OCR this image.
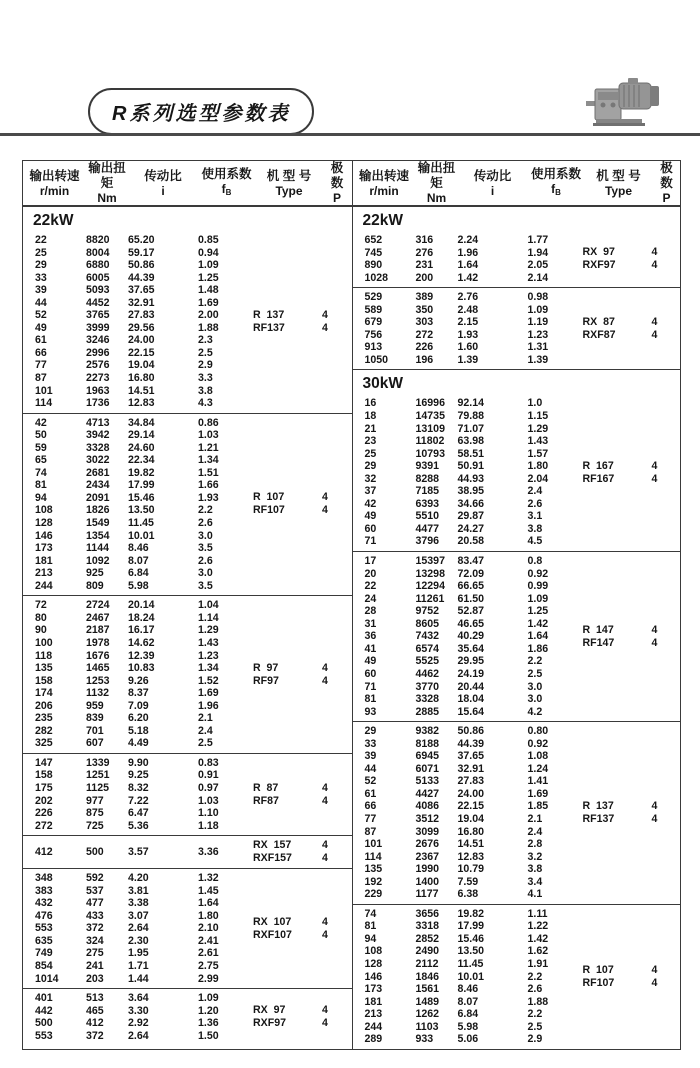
R系列选型参数表
输出转速
r/min
输出扭矩
Nm
传动比
i
使用系数
$f_B$
机 型 号
Type
极 数
P
22kW
22	8820	65.20	0.85
25	8004	59.17	0.94
29	6880	50.86	1.09
33	6005	44.39	1.25
39	5093	37.65	1.48
44	4452	32.91	1.69
52	3765	27.83	2.00
49	3999	29.56	1.88
61	3246	24.00	2.3
66	2996	22.15	2.5
77	2576	19.04	2.9
87	2273	16.80	3.3
101	1963	14.51	3.8
114	1736	12.83	4.3
R  137	4
RF137	4
42	4713	34.84	0.86
50	3942	29.14	1.03
59	3328	24.60	1.21
65	3022	22.34	1.34
74	2681	19.82	1.51
81	2434	17.99	1.66
94	2091	15.46	1.93
108	1826	13.50	2.2
128	1549	11.45	2.6
146	1354	10.01	3.0
173	1144	8.46	3.5
181	1092	8.07	2.6
213	925	6.84	3.0
244	809	5.98	3.5
R  107	4
RF107	4
72	2724	20.14	1.04
80	2467	18.24	1.14
90	2187	16.17	1.29
100	1978	14.62	1.43
118	1676	12.39	1.23
135	1465	10.83	1.34
158	1253	9.26	1.52
174	1132	8.37	1.69
206	959	7.09	1.96
235	839	6.20	2.1
282	701	5.18	2.4
325	607	4.49	2.5
R  97	4
RF97	4
147	1339	9.90	0.83
158	1251	9.25	0.91
175	1125	8.32	0.97
202	977	7.22	1.03
226	875	6.47	1.10
272	725	5.36	1.18
R  87	4
RF87	4
412	500	3.57	3.36
RX  157	4
RXF157	4
348	592	4.20	1.32
383	537	3.81	1.45
432	477	3.38	1.64
476	433	3.07	1.80
553	372	2.64	2.10
635	324	2.30	2.41
749	275	1.95	2.61
854	241	1.71	2.75
1014	203	1.44	2.99
RX  107	4
RXF107	4
401	513	3.64	1.09
442	465	3.30	1.20
500	412	2.92	1.36
553	372	2.64	1.50
RX  97	4
RXF97	4
输出转速
r/min
输出扭矩
Nm
传动比
i
使用系数
$f_B$
机 型 号
Type
极 数
P
22kW
652	316	2.24	1.77
745	276	1.96	1.94
890	231	1.64	2.05
1028	200	1.42	2.14
RX  97	4
RXF97	4
529	389	2.76	0.98
589	350	2.48	1.09
679	303	2.15	1.19
756	272	1.93	1.23
913	226	1.60	1.31
1050	196	1.39	1.39
RX  87	4
RXF87	4
30kW
16	16996	92.14	1.0
18	14735	79.88	1.15
21	13109	71.07	1.29
23	11802	63.98	1.43
25	10793	58.51	1.57
29	9391	50.91	1.80
32	8288	44.93	2.04
37	7185	38.95	2.4
42	6393	34.66	2.6
49	5510	29.87	3.1
60	4477	24.27	3.8
71	3796	20.58	4.5
R  167	4
RF167	4
17	15397	83.47	0.8
20	13298	72.09	0.92
22	12294	66.65	0.99
24	11261	61.50	1.09
28	9752	52.87	1.25
31	8605	46.65	1.42
36	7432	40.29	1.64
41	6574	35.64	1.86
49	5525	29.95	2.2
60	4462	24.19	2.5
71	3770	20.44	3.0
81	3328	18.04	3.0
93	2885	15.64	4.2
R  147	4
RF147	4
29	9382	50.86	0.80
33	8188	44.39	0.92
39	6945	37.65	1.08
44	6071	32.91	1.24
52	5133	27.83	1.41
61	4427	24.00	1.69
66	4086	22.15	1.85
77	3512	19.04	2.1
87	3099	16.80	2.4
101	2676	14.51	2.8
114	2367	12.83	3.2
135	1990	10.79	3.8
192	1400	7.59	3.4
229	1177	6.38	4.1
R  137	4
RF137	4
74	3656	19.82	1.11
81	3318	17.99	1.22
94	2852	15.46	1.42
108	2490	13.50	1.62
128	2112	11.45	1.91
146	1846	10.01	2.2
173	1561	8.46	2.6
181	1489	8.07	1.88
213	1262	6.84	2.2
244	1103	5.98	2.5
289	933	5.06	2.9
R  107	4
RF107	4
